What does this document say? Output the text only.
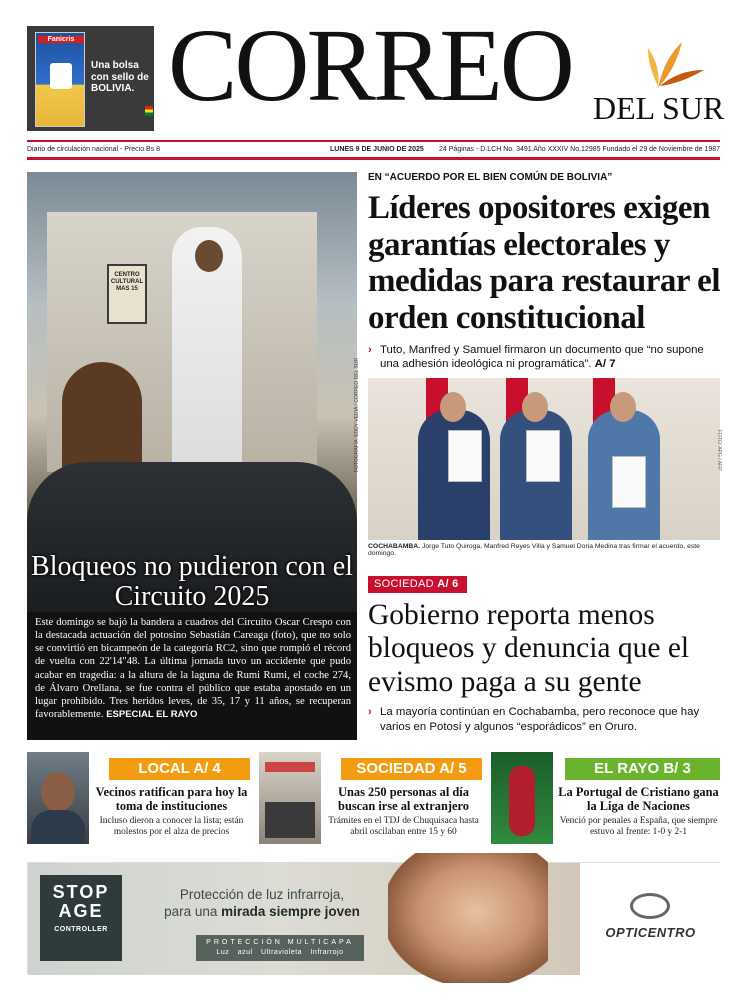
Fanicris
Una bolsa
con sello de
BOLIVIA. CORREO DEL SUR
Diario de circulación nacional - Precio Bs 8	LUNES 9 DE JUNIO DE 2025 24 Páginas - D.LCH No. 3491 Año XXXIV No.12985 Fundado el 29 de Noviembre de 1987
CENTRO CULTURAL MAS 15
FOTOGRAFÍA: EDDY VEDIA / CORREO DEL SUR
Bloqueos no pudieron con el Circuito 2025

Este domingo se bajó la bandera a cuadros del Circuito Oscar Crespo con la destacada actuación del potosino Sebastián Careaga (foto), que no solo se convirtió en bicampeón de la categoría RC2, sino que rompió el récord de vuelta con 22'14"48. La última jornada tuvo un accidente que pudo acabar en tragedia: a la altura de la laguna de Rumi Rumi, el coche 274, de Álvaro Orellana, se fue contra el público que estaba apostado en un lugar prohibido. Tres heridos leves, de 35, 17 y 11 años, se recuperan favorablemente. ESPECIAL EL RAYO

EN “ACUERDO POR EL BIEN COMÚN DE BOLIVIA”
Líderes opositores exigen garantías electorales y medidas para restaurar el orden constitucional

› Tuto, Manfred y Samuel firmaron un documento que “no supone una adhesión ideológica ni programática”. A/ 7

FOTO: APG / AFP

COCHABAMBA. Jorge Tuto Quiroga, Manfred Reyes Villa y Samuel Doria Medina tras firmar el acuerdo, este domingo.

SOCIEDAD A/ 6
Gobierno reporta menos bloqueos y denuncia que el evismo paga a su gente

› La mayoría continúan en Cochabamba, pero reconoce que hay varios en Potosí y algunos “esporádicos” en Oruro.

LOCAL A/ 4
Vecinos ratifican para hoy la toma de instituciones
Incluso dieron a conocer la lista; están molestos por el alza de precios
SOCIEDAD A/ 5
Unas 250 personas al día buscan irse al extranjero
Trámites en el TDJ de Chuquisaca hasta abril oscilaban entre 15 y 60
EL RAYO B/ 3
La Portugal de Cristiano gana la Liga de Naciones
Venció por penales a España, que siempre estuvo al frente: 1-0 y 2-1
STOP
AGE
CONTROLLER
Protección de luz infrarroja,
para una mirada siempre joven
PROTECCIÓN MULTICAPA
Luz azul Ultravioleta Infrarrojo
OPTICENTRO
